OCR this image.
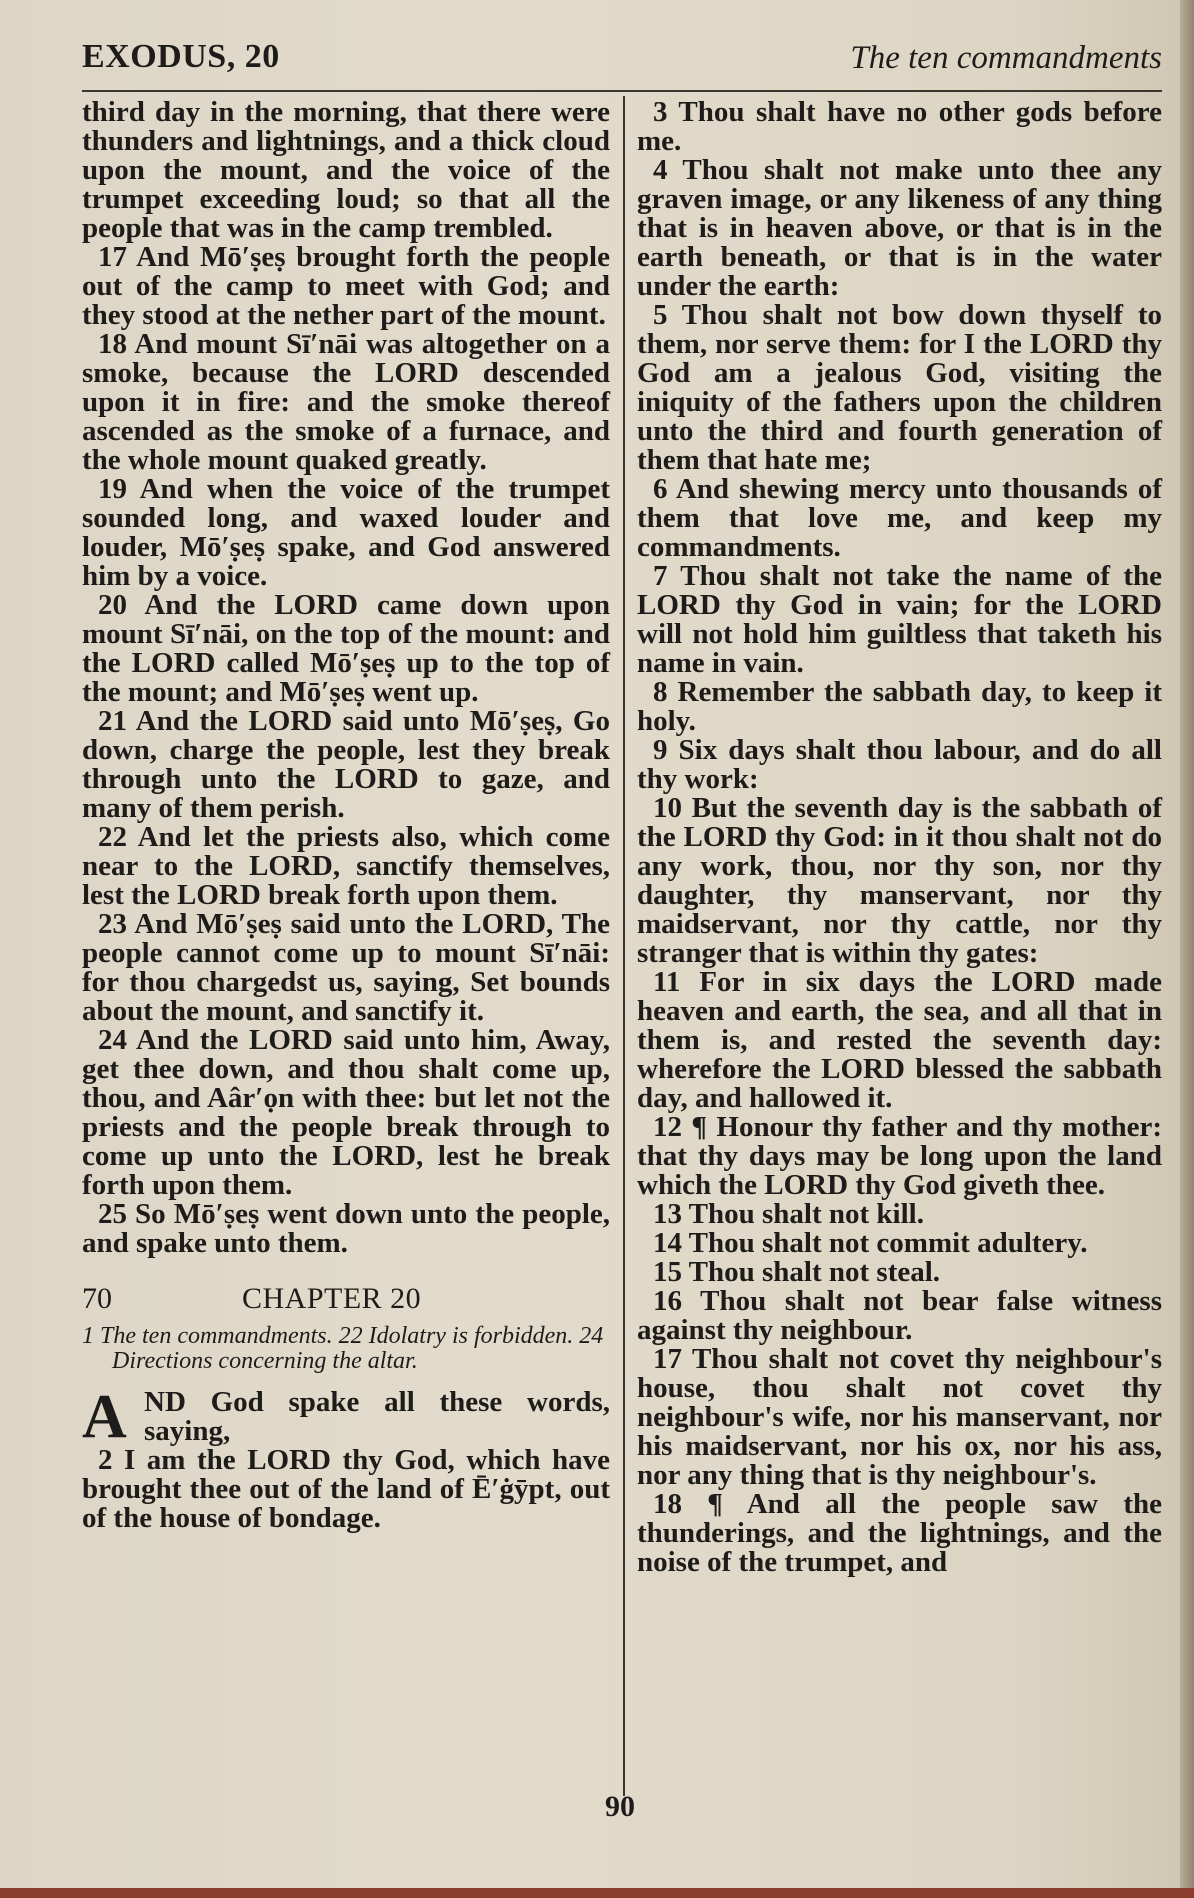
EXODUS, 20	The ten commandments

third day in the morning, that there were thunders and lightnings, and a thick cloud upon the mount, and the voice of the trumpet exceeding loud; so that all the people that was in the camp trembled.

17 And Mō′ṣeṣ brought forth the people out of the camp to meet with God; and they stood at the nether part of the mount.

18 And mount Sī′nāi was altogether on a smoke, because the LORD descended upon it in fire: and the smoke thereof ascended as the smoke of a furnace, and the whole mount quaked greatly.

19 And when the voice of the trumpet sounded long, and waxed louder and louder, Mō′ṣeṣ spake, and God answered him by a voice.

20 And the LORD came down upon mount Sī′nāi, on the top of the mount: and the LORD called Mō′ṣeṣ up to the top of the mount; and Mō′ṣeṣ went up.

21 And the LORD said unto Mō′ṣeṣ, Go down, charge the people, lest they break through unto the LORD to gaze, and many of them perish.

22 And let the priests also, which come near to the LORD, sanctify themselves, lest the LORD break forth upon them.

23 And Mō′ṣeṣ said unto the LORD, The people cannot come up to mount Sī′nāi: for thou chargedst us, saying, Set bounds about the mount, and sanctify it.

24 And the LORD said unto him, Away, get thee down, and thou shalt come up, thou, and Aâr′ọn with thee: but let not the priests and the people break through to come up unto the LORD, lest he break forth upon them.

25 So Mō′ṣeṣ went down unto the people, and spake unto them.

70	CHAPTER 20

1 The ten commandments. 22 Idolatry is forbidden. 24 Directions concerning the altar.

A ND God spake all these words, saying,

2 I am the LORD thy God, which have brought thee out of the land of Ē′ġȳpt, out of the house of bondage.

3 Thou shalt have no other gods before me.

4 Thou shalt not make unto thee any graven image, or any likeness of any thing that is in heaven above, or that is in the earth beneath, or that is in the water under the earth:

5 Thou shalt not bow down thyself to them, nor serve them: for I the LORD thy God am a jealous God, visiting the iniquity of the fathers upon the children unto the third and fourth generation of them that hate me;

6 And shewing mercy unto thousands of them that love me, and keep my commandments.

7 Thou shalt not take the name of the LORD thy God in vain; for the LORD will not hold him guiltless that taketh his name in vain.

8 Remember the sabbath day, to keep it holy.

9 Six days shalt thou labour, and do all thy work:

10 But the seventh day is the sabbath of the LORD thy God: in it thou shalt not do any work, thou, nor thy son, nor thy daughter, thy manservant, nor thy maidservant, nor thy cattle, nor thy stranger that is within thy gates:

11 For in six days the LORD made heaven and earth, the sea, and all that in them is, and rested the seventh day: wherefore the LORD blessed the sabbath day, and hallowed it.

12 ¶ Honour thy father and thy mother: that thy days may be long upon the land which the LORD thy God giveth thee.

13 Thou shalt not kill.

14 Thou shalt not commit adultery.

15 Thou shalt not steal.

16 Thou shalt not bear false witness against thy neighbour.

17 Thou shalt not covet thy neighbour's house, thou shalt not covet thy neighbour's wife, nor his manservant, nor his maidservant, nor his ox, nor his ass, nor any thing that is thy neighbour's.

18 ¶ And all the people saw the thunderings, and the lightnings, and the noise of the trumpet, and

90
